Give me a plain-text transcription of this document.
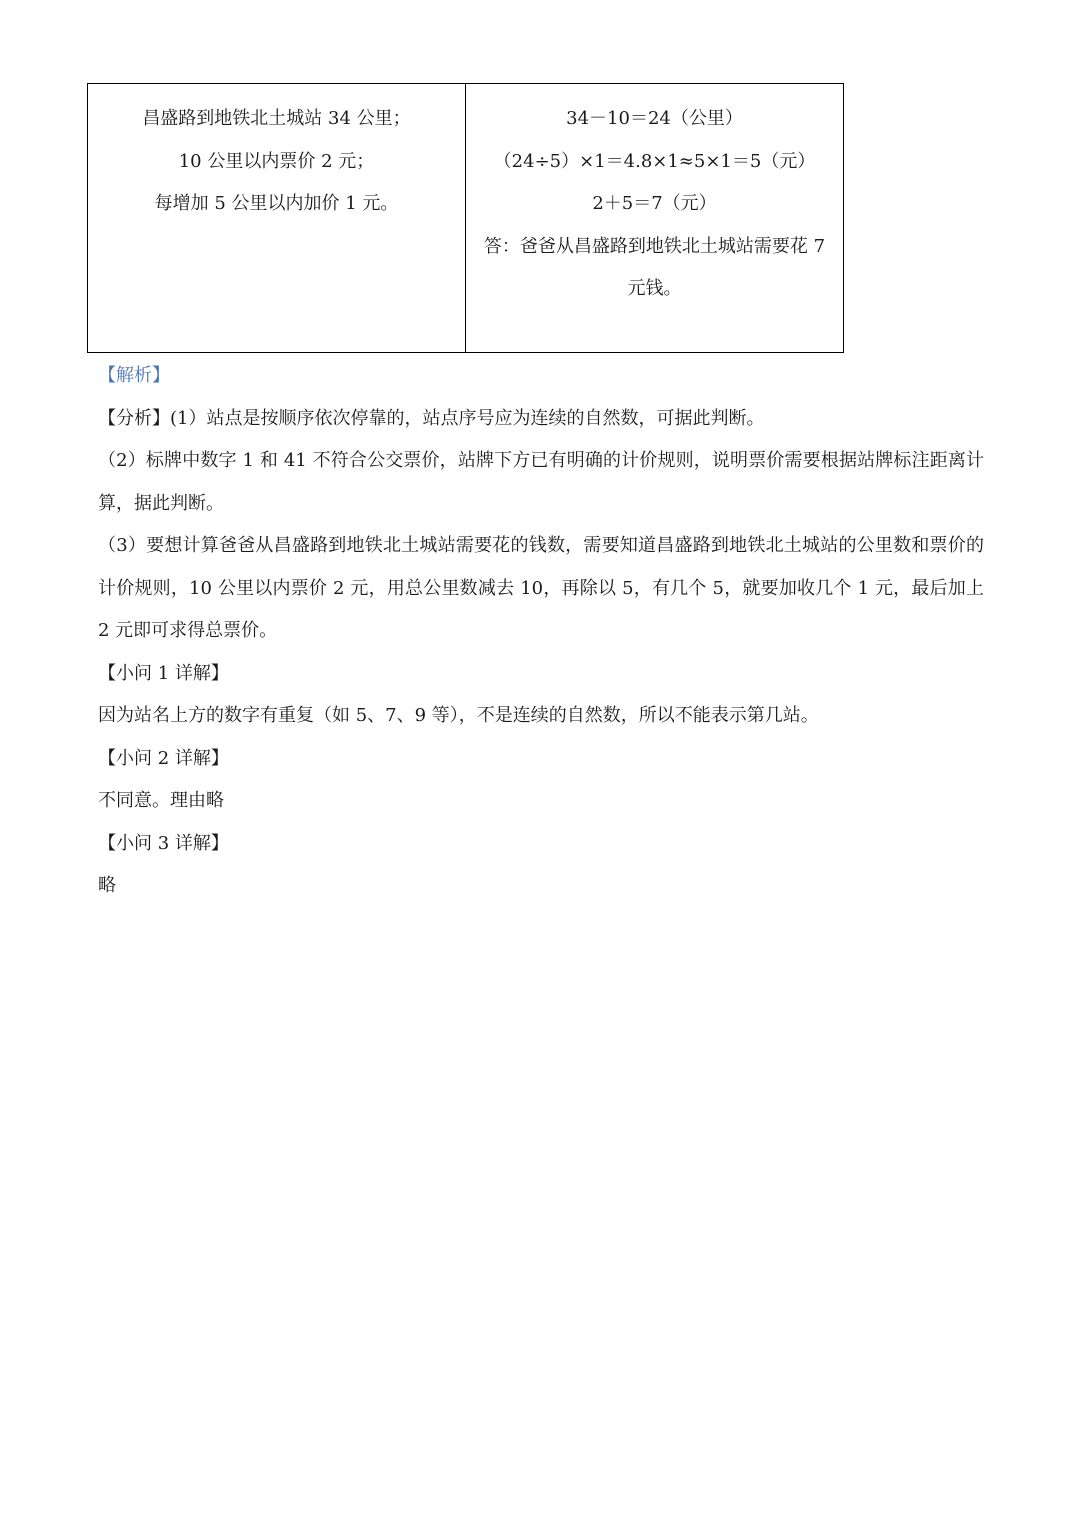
昌盛路到地铁北土城站 34 公里；
10 公里以内票价 2 元；
每增加 5 公里以内加价 1 元。

34－10＝24（公里）
（24÷5）×1＝4.8×1≈5×1＝5（元）
2＋5＝7（元）
答：爸爸从昌盛路到地铁北土城站需要花 7 元钱。
【解析】
【分析】(1）站点是按顺序依次停靠的，站点序号应为连续的自然数，可据此判断。
（2）标牌中数字 1 和 41 不符合公交票价，站牌下方已有明确的计价规则，说明票价需要根据站牌标注距离计算，据此判断。
（3）要想计算爸爸从昌盛路到地铁北土城站需要花的钱数，需要知道昌盛路到地铁北土城站的公里数和票价的计价规则，10 公里以内票价 2 元，用总公里数减去 10，再除以 5，有几个 5，就要加收几个 1 元，最后加上 2 元即可求得总票价。
【小问 1 详解】
因为站名上方的数字有重复（如 5、7、9 等），不是连续的自然数，所以不能表示第几站。
【小问 2 详解】
不同意。理由略
【小问 3 详解】
略
